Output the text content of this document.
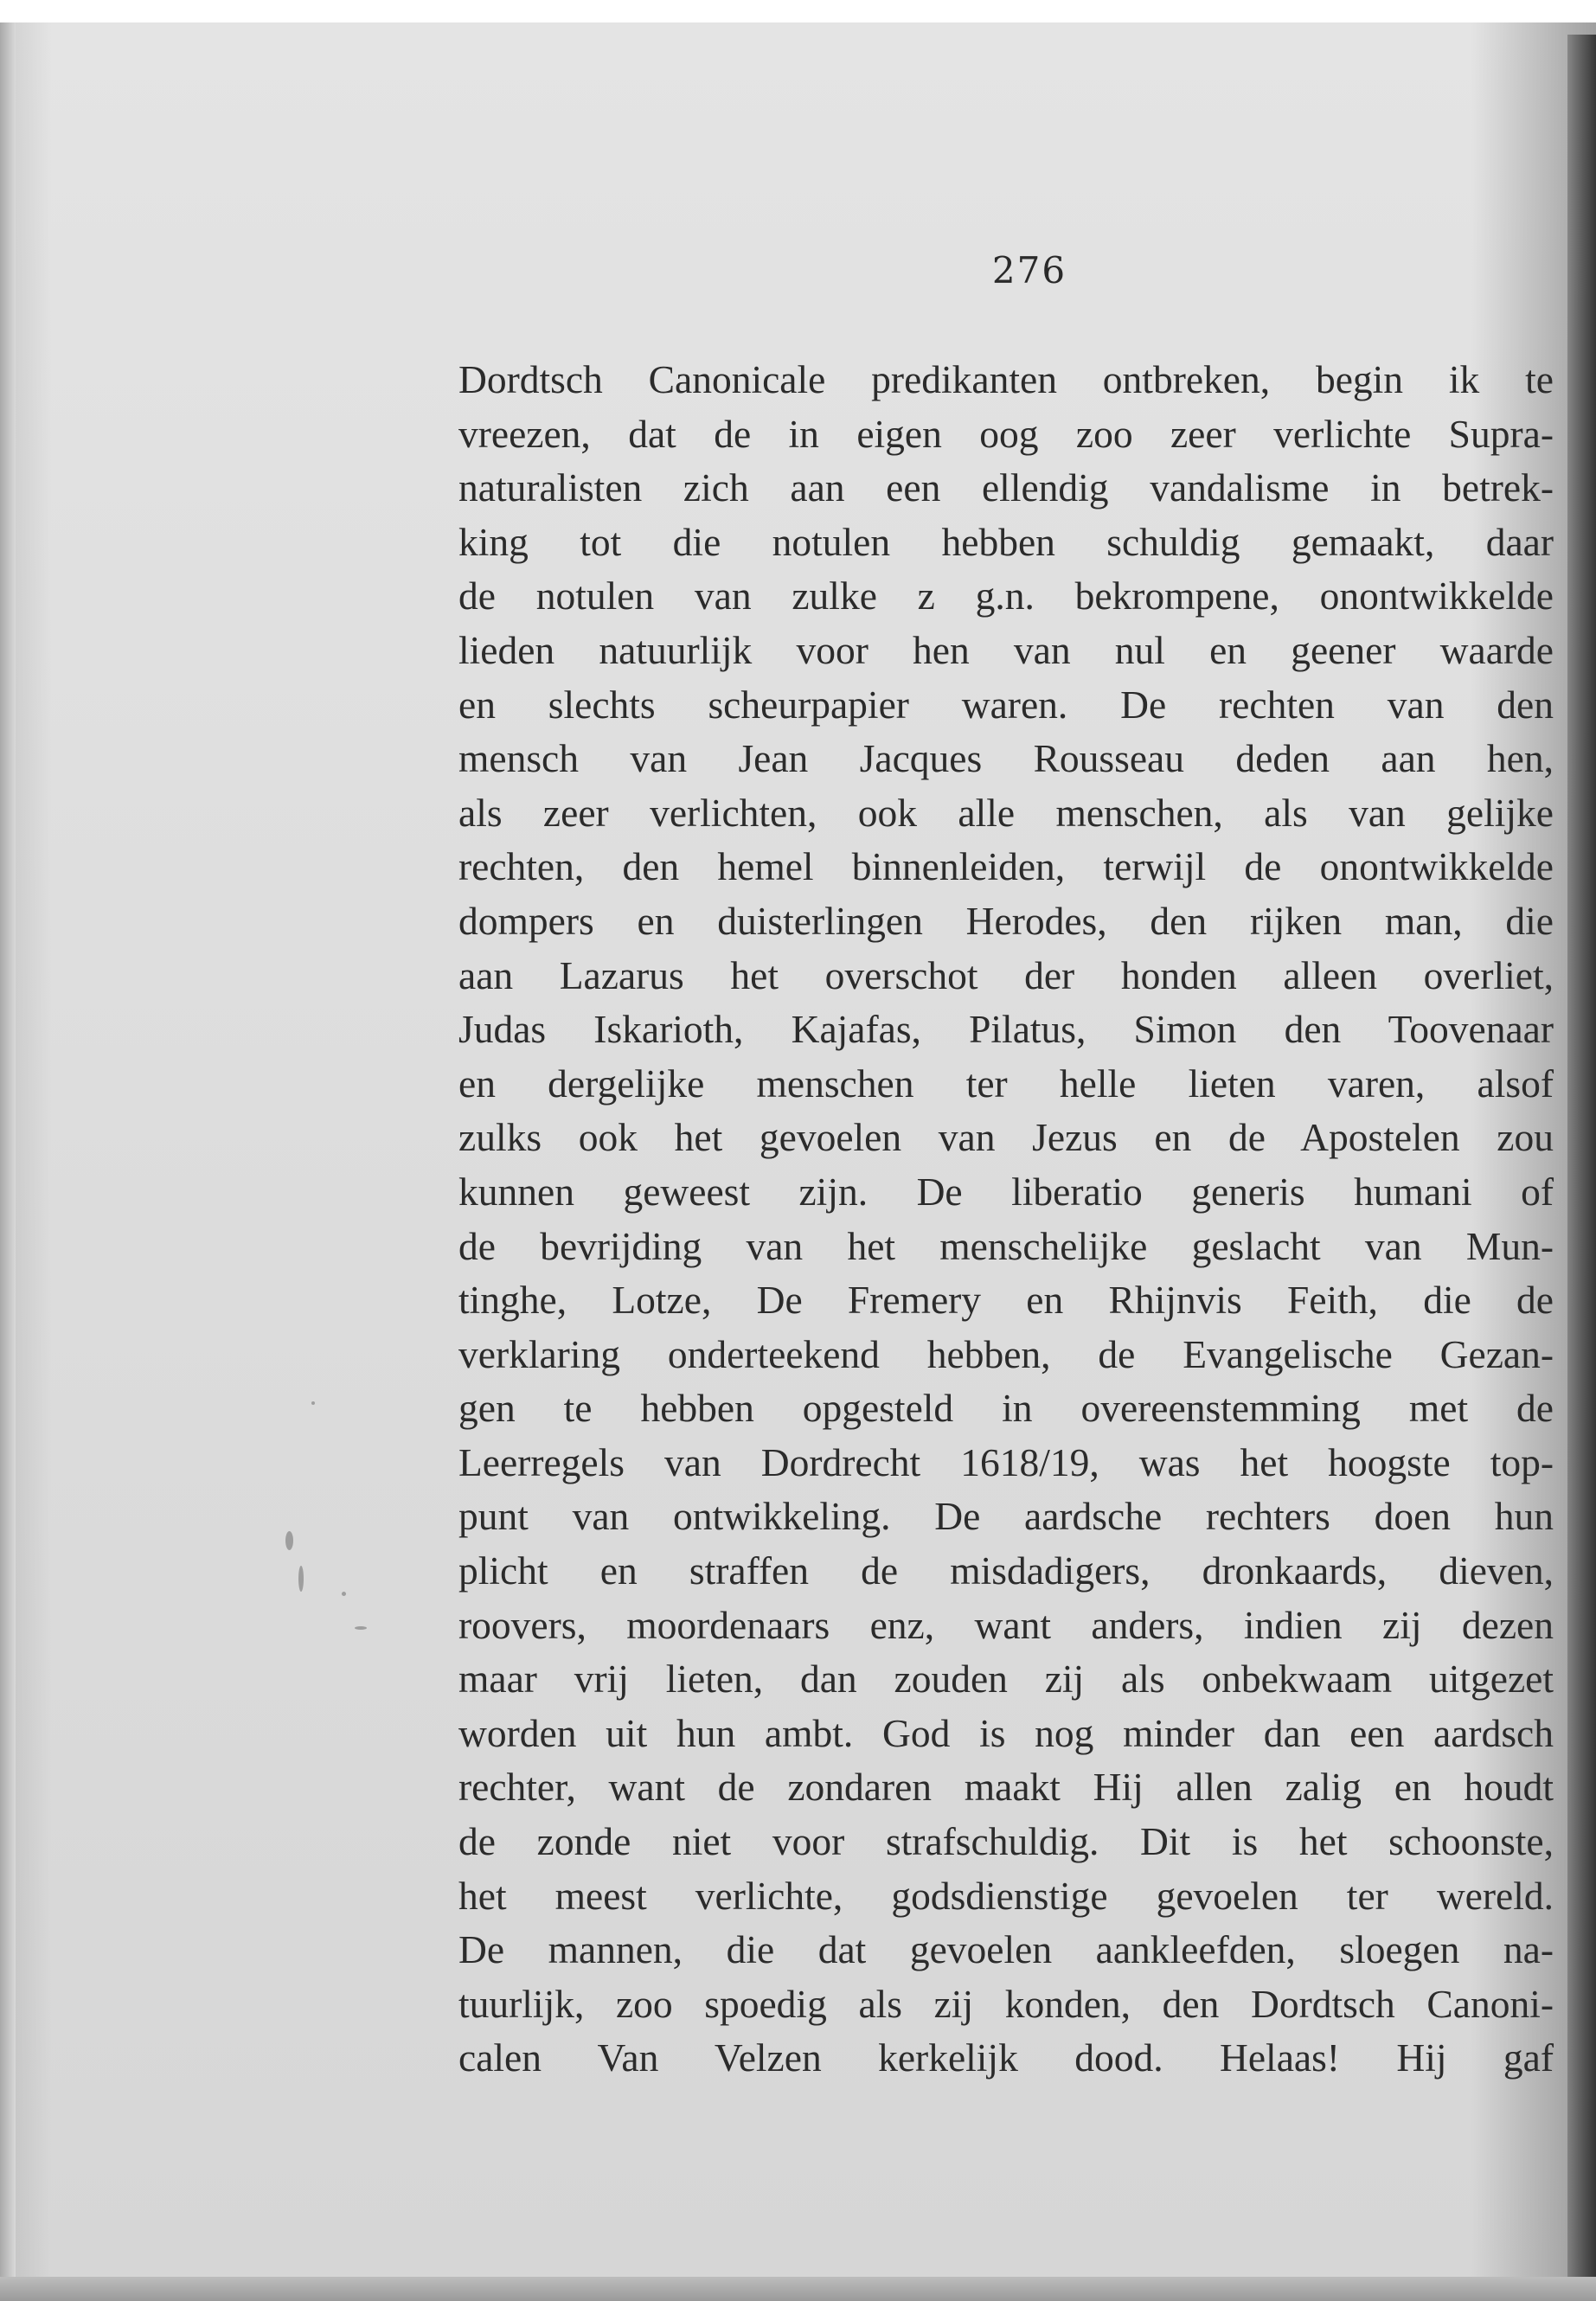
276
Dordtsch Canonicale predikanten ontbreken, begin ik te
vreezen, dat de in eigen oog zoo zeer verlichte Supra-
naturalisten zich aan een ellendig vandalisme in betrek-
king tot die notulen hebben schuldig gemaakt, daar
de notulen van zulke z g.n. bekrompene, onontwikkelde
lieden natuurlijk voor hen van nul en geener waarde
en slechts scheurpapier waren. De rechten van den
mensch van Jean Jacques Rousseau deden aan hen,
als zeer verlichten, ook alle menschen, als van gelijke
rechten, den hemel binnenleiden, terwijl de onontwikkelde
dompers en duisterlingen Herodes, den rijken man, die
aan Lazarus het overschot der honden alleen overliet,
Judas Iskarioth, Kajafas, Pilatus, Simon den Toovenaar
en dergelijke menschen ter helle lieten varen, alsof
zulks ook het gevoelen van Jezus en de Apostelen zou
kunnen geweest zijn. De liberatio generis humani of
de bevrijding van het menschelijke geslacht van Mun-
tinghe, Lotze, De Fremery en Rhijnvis Feith, die de
verklaring onderteekend hebben, de Evangelische Gezan-
gen te hebben opgesteld in overeenstemming met de
Leerregels van Dordrecht 1618/19, was het hoogste top-
punt van ontwikkeling. De aardsche rechters doen hun
plicht en straffen de misdadigers, dronkaards, dieven,
roovers, moordenaars enz, want anders, indien zij dezen
maar vrij lieten, dan zouden zij als onbekwaam uitgezet
worden uit hun ambt. God is nog minder dan een aardsch
rechter, want de zondaren maakt Hij allen zalig en houdt
de zonde niet voor strafschuldig. Dit is het schoonste,
het meest verlichte, godsdienstige gevoelen ter wereld.
De mannen, die dat gevoelen aankleefden, sloegen na-
tuurlijk, zoo spoedig als zij konden, den Dordtsch Canoni-
calen Van Velzen kerkelijk dood. Helaas! Hij gaf
